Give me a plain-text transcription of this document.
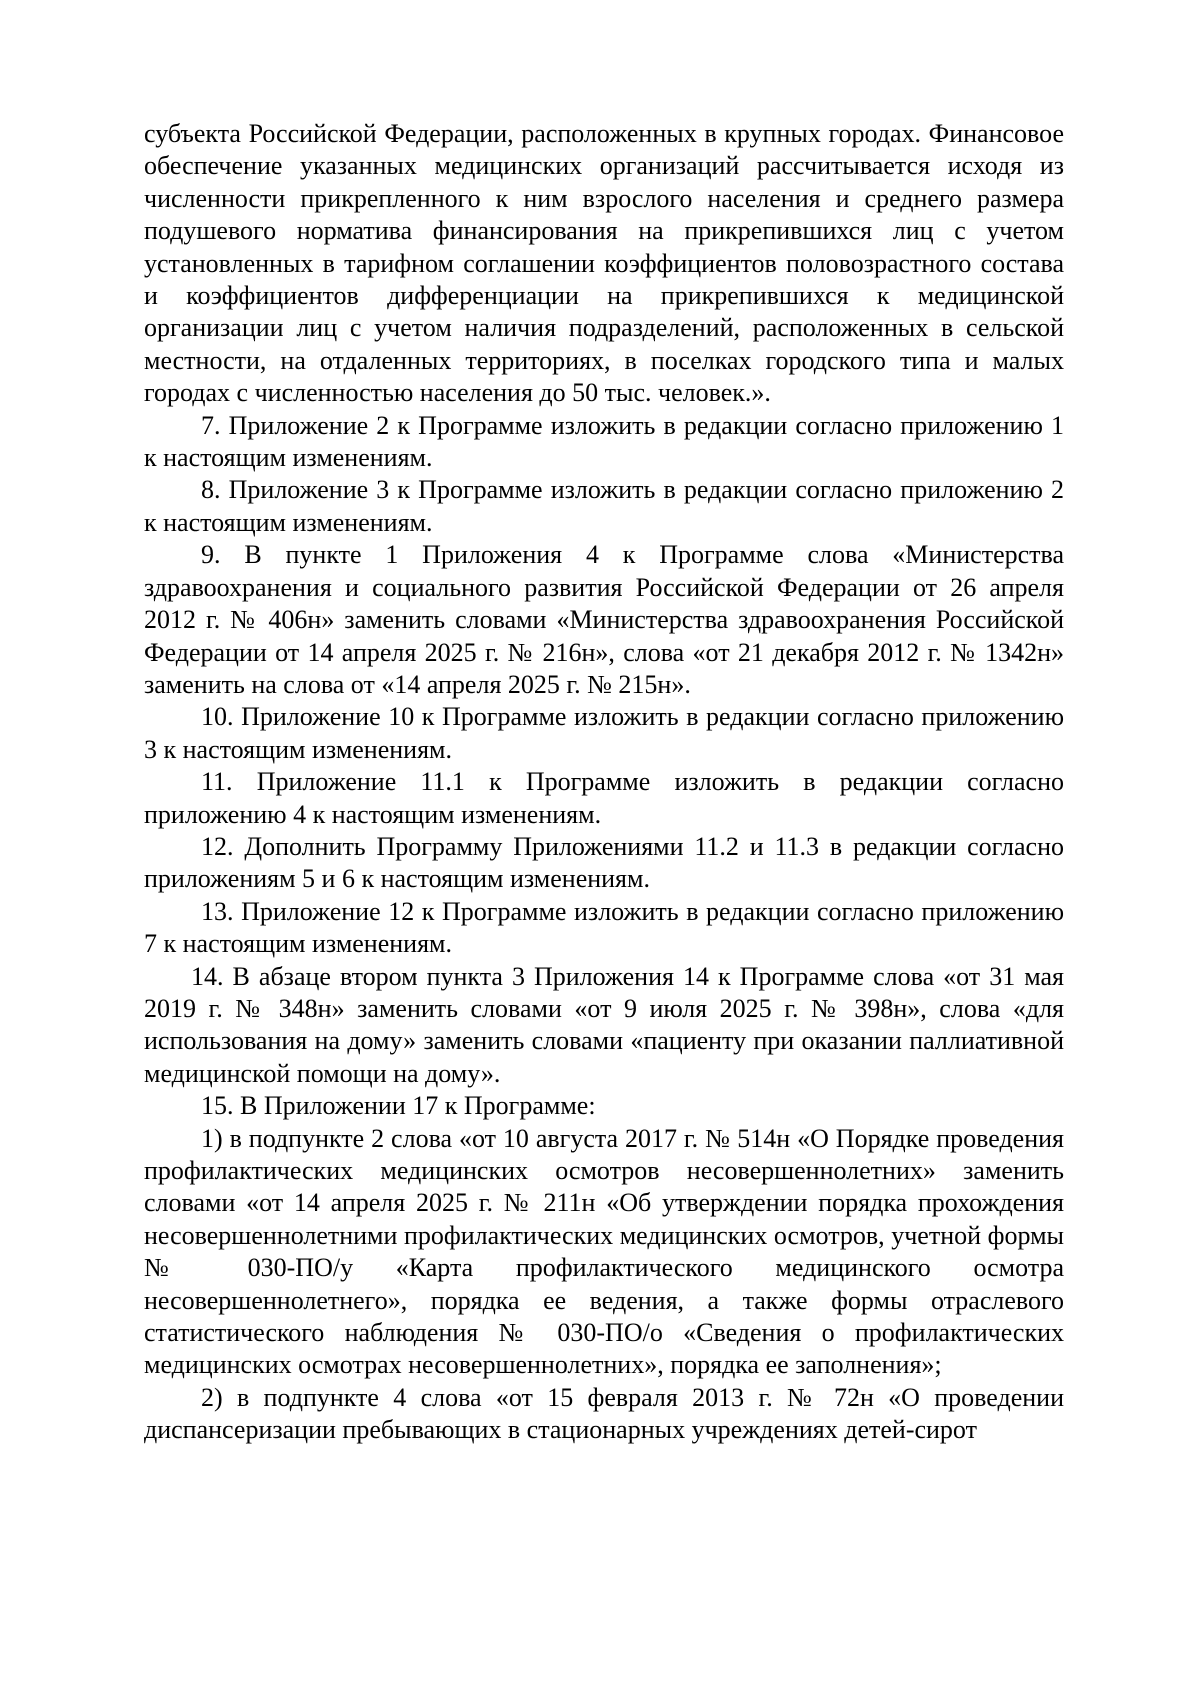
субъекта Российской Федерации, расположенных в крупных городах. Финансовое обеспечение указанных медицинских организаций рассчитывается исходя из численности прикрепленного к ним взрослого населения и среднего размера подушевого норматива финансирования на прикрепившихся лиц с учетом установленных в тарифном соглашении коэффициентов половозрастного состава и коэффициентов дифференциации на прикрепившихся к медицинской организации лиц с учетом наличия подразделений, расположенных в сельской местности, на отдаленных территориях, в поселках городского типа и малых городах с численностью населения до 50 тыс. человек.».

7. Приложение 2 к Программе изложить в редакции согласно приложению 1 к настоящим изменениям.

8. Приложение 3 к Программе изложить в редакции согласно приложению 2 к настоящим изменениям.

9. В пункте 1 Приложения 4 к Программе слова «Министерства здравоохранения и социального развития Российской Федерации от 26 апреля 2012 г. № 406н» заменить словами «Министерства здравоохранения Российской Федерации от 14 апреля 2025 г. № 216н», слова «от 21 декабря 2012 г. № 1342н» заменить на слова от «14 апреля 2025 г. № 215н».

10. Приложение 10 к Программе изложить в редакции согласно приложению 3 к настоящим изменениям.

11. Приложение 11.1 к Программе изложить в редакции согласно приложению 4 к настоящим изменениям.

12. Дополнить Программу Приложениями 11.2 и 11.3 в редакции согласно приложениям 5 и 6 к настоящим изменениям.

13. Приложение 12 к Программе изложить в редакции согласно приложению 7 к настоящим изменениям.

14. В абзаце втором пункта 3 Приложения 14 к Программе слова «от 31 мая 2019 г. № 348н» заменить словами «от 9 июля 2025 г. № 398н», слова «для использования на дому» заменить словами «пациенту при оказании паллиативной медицинской помощи на дому».

15. В Приложении 17 к Программе:

1) в подпункте 2 слова «от 10 августа 2017 г. № 514н «О Порядке проведения профилактических медицинских осмотров несовершеннолетних» заменить словами «от 14 апреля 2025 г. № 211н «Об утверждении порядка прохождения несовершеннолетними профилактических медицинских осмотров, учетной формы № 030-ПО/у «Карта профилактического медицинского осмотра несовершеннолетнего», порядка ее ведения, а также формы отраслевого статистического наблюдения № 030-ПО/о «Сведения о профилактических медицинских осмотрах несовершеннолетних», порядка ее заполнения»;

2) в подпункте 4 слова «от 15 февраля 2013 г. № 72н «О проведении диспансеризации пребывающих в стационарных учреждениях детей-сирот
